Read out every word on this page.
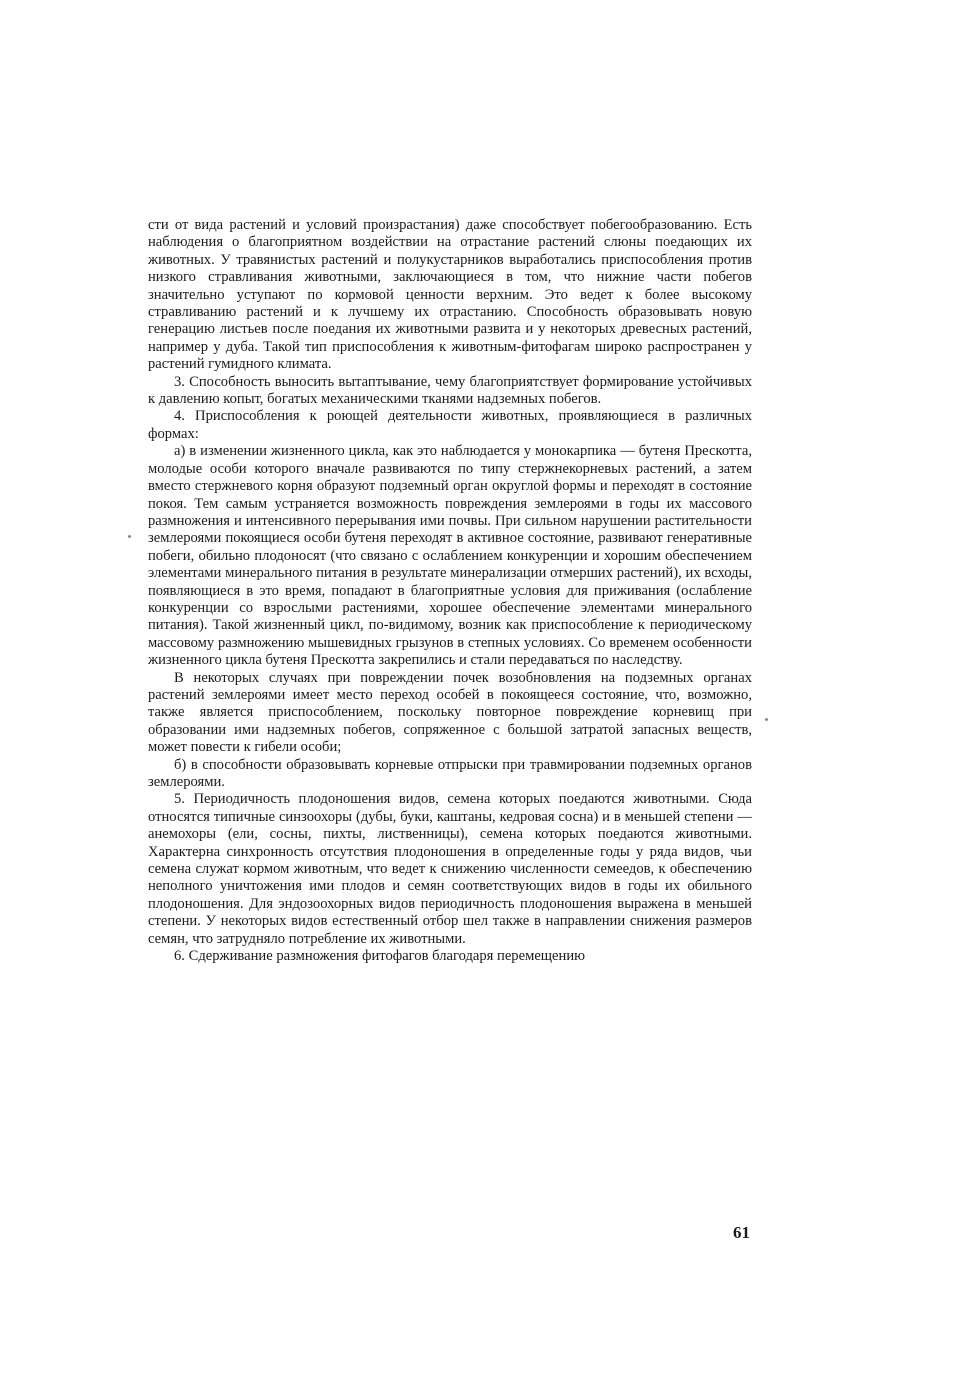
сти от вида растений и условий произрастания) даже способствует побегообразованию. Есть наблюдения о благоприятном воздействии на отрастание растений слюны поедающих их животных. У травянистых растений и полукустарников выработались приспособления против низкого стравливания животными, заключающиеся в том, что нижние части побегов значительно уступают по кормовой ценности верхним. Это ведет к более высокому стравливанию растений и к лучшему их отрастанию. Способность образовывать новую генерацию листьев после поедания их животными развита и у некоторых древесных растений, например у дуба. Такой тип приспособления к животным-фитофагам широко распространен у растений гумидного климата.

3. Способность выносить вытаптывание, чему благоприятствует формирование устойчивых к давлению копыт, богатых механическими тканями надземных побегов.

4. Приспособления к роющей деятельности животных, проявляющиеся в различных формах:

а) в изменении жизненного цикла, как это наблюдается у монокарпика — бутеня Прескотта, молодые особи которого вначале развиваются по типу стержнекорневых растений, а затем вместо стержневого корня образуют подземный орган округлой формы и переходят в состояние покоя. Тем самым устраняется возможность повреждения землероями в годы их массового размножения и интенсивного перерывания ими почвы. При сильном нарушении растительности землероями покоящиеся особи бутеня переходят в активное состояние, развивают генеративные побеги, обильно плодоносят (что связано с ослаблением конкуренции и хорошим обеспечением элементами минерального питания в результате минерализации отмерших растений), их всходы, появляющиеся в это время, попадают в благоприятные условия для приживания (ослабление конкуренции со взрослыми растениями, хорошее обеспечение элементами минерального питания). Такой жизненный цикл, по-видимому, возник как приспособление к периодическому массовому размножению мышевидных грызунов в степных условиях. Со временем особенности жизненного цикла бутеня Прескотта закрепились и стали передаваться по наследству.

В некоторых случаях при повреждении почек возобновления на подземных органах растений землероями имеет место переход особей в покоящееся состояние, что, возможно, также является приспособлением, поскольку повторное повреждение корневищ при образовании ими надземных побегов, сопряженное с большой затратой запасных веществ, может повести к гибели особи;

б) в способности образовывать корневые отпрыски при травмировании подземных органов землероями.

5. Периодичность плодоношения видов, семена которых поедаются животными. Сюда относятся типичные синзоохоры (дубы, буки, каштаны, кедровая сосна) и в меньшей степени — анемохоры (ели, сосны, пихты, лиственницы), семена которых поедаются животными. Характерна синхронность отсутствия плодоношения в определенные годы у ряда видов, чьи семена служат кормом животным, что ведет к снижению численности семеедов, к обеспечению неполного уничтожения ими плодов и семян соответствующих видов в годы их обильного плодоношения. Для эндозоохорных видов периодичность плодоношения выражена в меньшей степени. У некоторых видов естественный отбор шел также в направлении снижения размеров семян, что затрудняло потребление их животными.

6. Сдерживание размножения фитофагов благодаря перемещению

61
